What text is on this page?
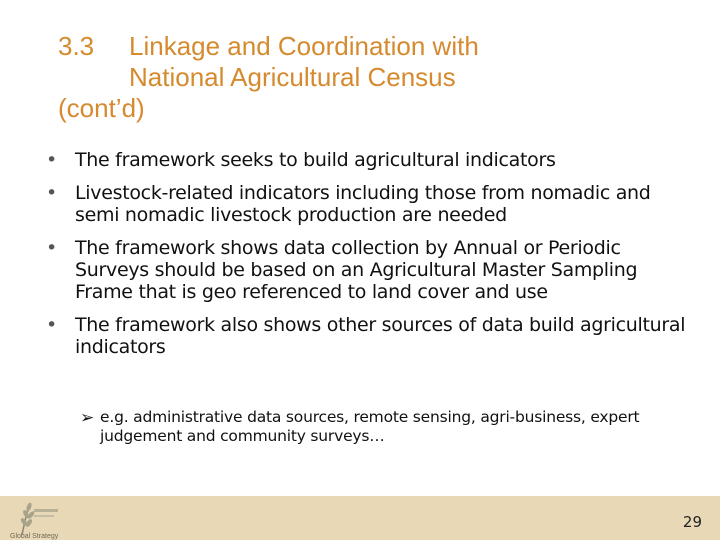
3.3 Linkage and Coordination with
National Agricultural Census
(cont’d)
• The framework seeks to build agricultural indicators
• Livestock-related indicators including those from nomadic and semi nomadic livestock production are needed
• The framework shows data collection by Annual or Periodic Surveys should be based on an Agricultural Master Sampling Frame that is geo referenced to land cover and use
• The framework also shows other sources of data build agricultural indicators
➢ e.g. administrative data sources, remote sensing, agri-business, expert judgement and community surveys…
Global Strategy
29
